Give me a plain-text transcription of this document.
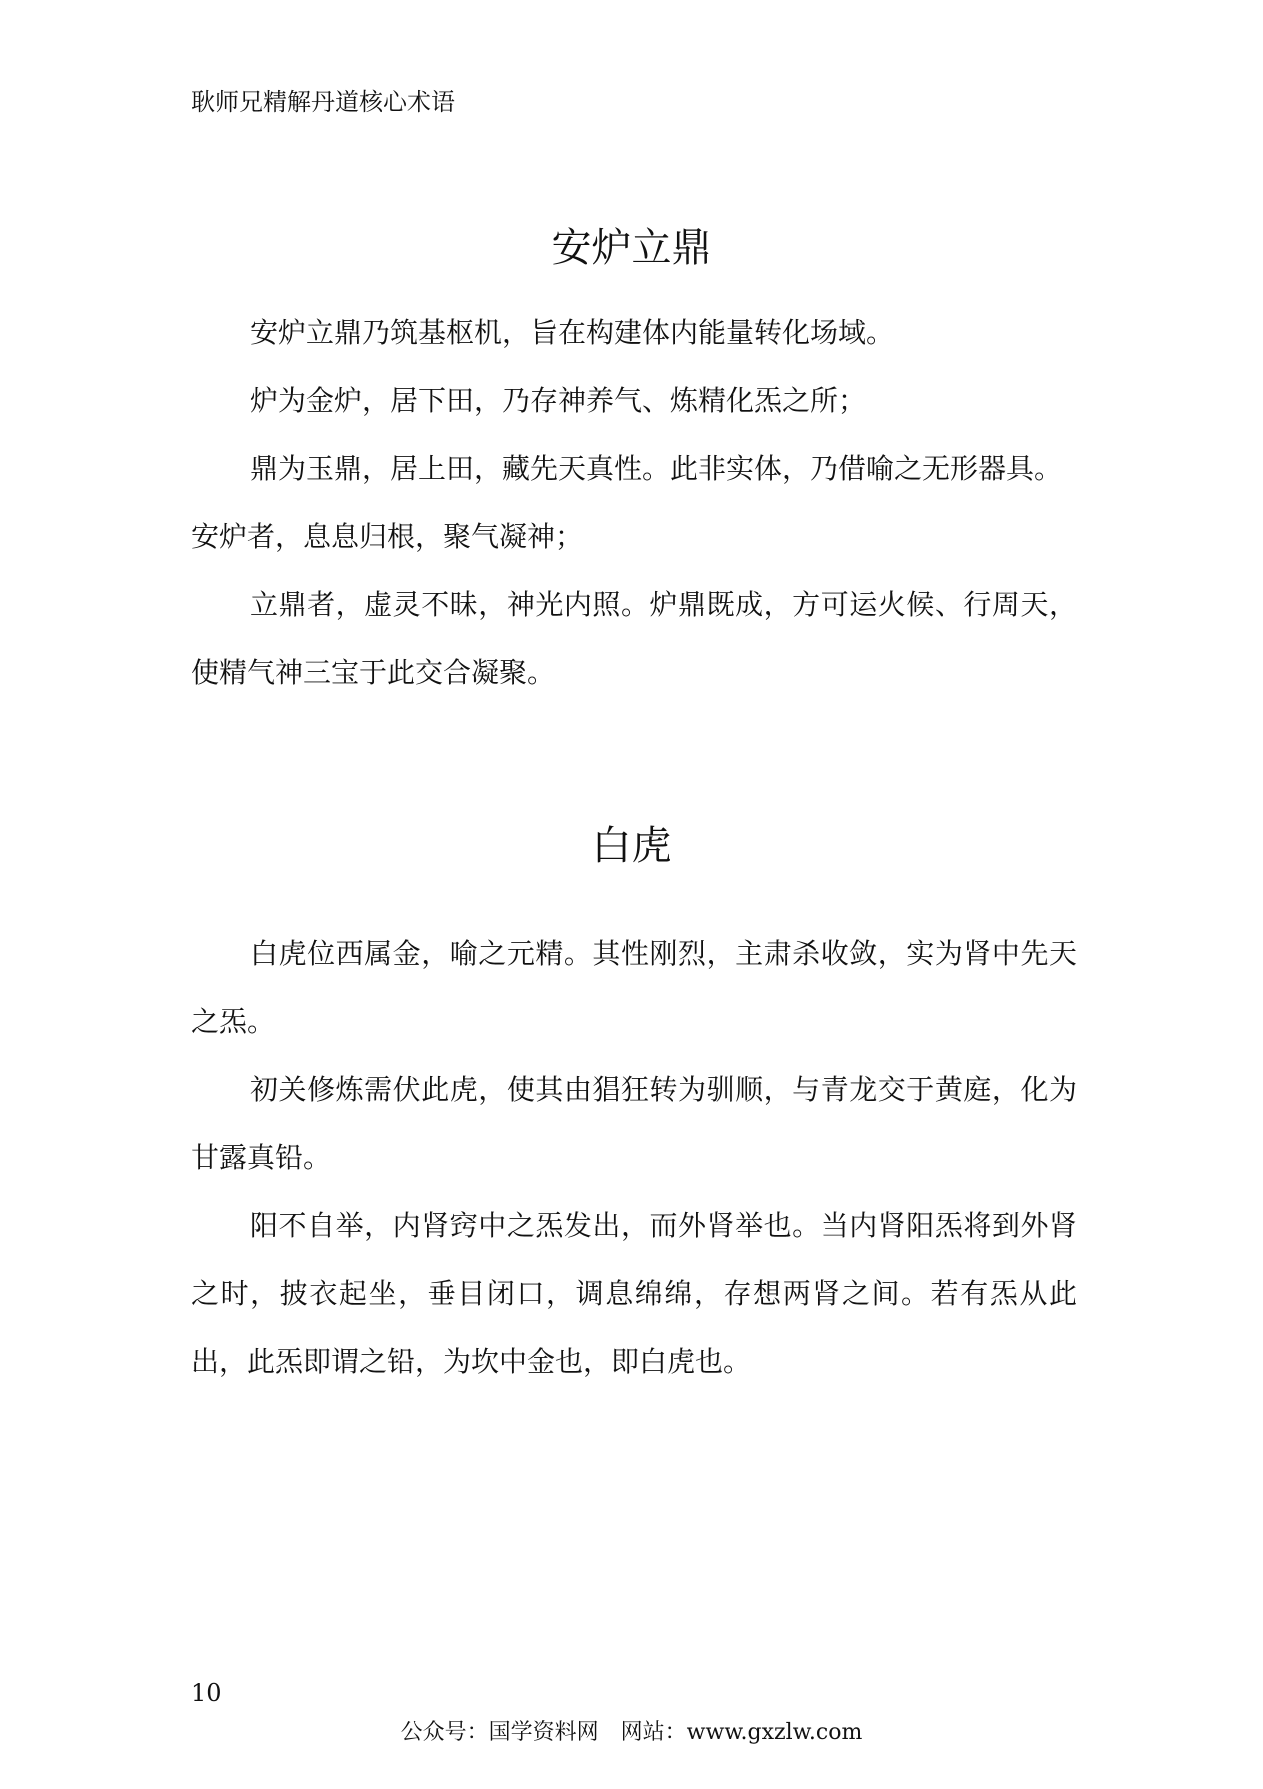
耿师兄精解丹道核心术语
安炉立鼎

安炉立鼎乃筑基枢机，旨在构建体内能量转化场域。

炉为金炉，居下田，乃存神养气、炼精化炁之所；

鼎为玉鼎，居上田，藏先天真性。此非实体，乃借喻之无形器具。

安炉者，息息归根，聚气凝神；

立鼎者，虚灵不昧，神光内照。炉鼎既成，方可运火候、行周天，使精气神三宝于此交合凝聚。

白虎

白虎位西属金，喻之元精。其性刚烈，主肃杀收敛，实为肾中先天之炁。

初关修炼需伏此虎，使其由猖狂转为驯顺，与青龙交于黄庭，化为甘露真铅。

阳不自举，内肾窍中之炁发出，而外肾举也。当内肾阳炁将到外肾之时，披衣起坐，垂目闭口，调息绵绵，存想两肾之间。若有炁从此出，此炁即谓之铅，为坎中金也，即白虎也。

10
公众号：国学资料网　网站：www.gxzlw.com
